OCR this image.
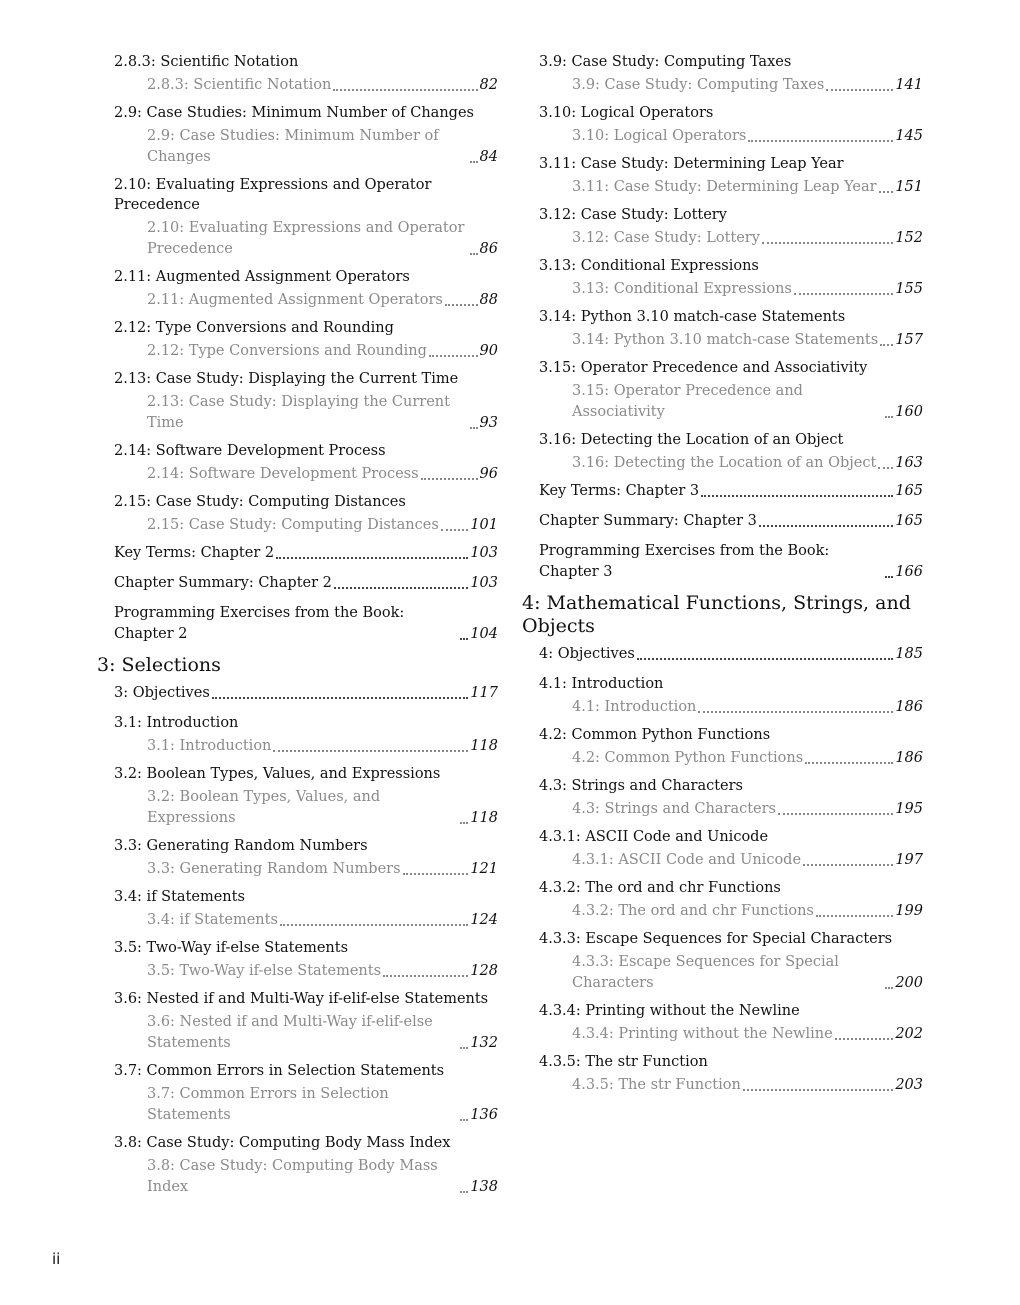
2.8.3: Scientific Notation
2.8.3: Scientific Notation	82
2.9: Case Studies: Minimum Number of Changes
2.9: Case Studies: Minimum Number of Changes	84
2.10: Evaluating Expressions and Operator Precedence
2.10: Evaluating Expressions and Operator Precedence	86
2.11: Augmented Assignment Operators
2.11: Augmented Assignment Operators	88
2.12: Type Conversions and Rounding
2.12: Type Conversions and Rounding	90
2.13: Case Study: Displaying the Current Time
2.13: Case Study: Displaying the Current Time	93
2.14: Software Development Process
2.14: Software Development Process	96
2.15: Case Study: Computing Distances
2.15: Case Study: Computing Distances 101
Key Terms: Chapter 2	103
Chapter Summary: Chapter 2	103
Programming Exercises from the Book: Chapter 2	104
3: Selections
3: Objectives	117
3.1: Introduction
3.1: Introduction	118
3.2: Boolean Types, Values, and Expressions
3.2: Boolean Types, Values, and Expressions	118
3.3: Generating Random Numbers
3.3: Generating Random Numbers	121
3.4: if Statements
3.4: if Statements	124
3.5: Two-Way if-else Statements
3.5: Two-Way if-else Statements	128
3.6: Nested if and Multi-Way if-elif-else Statements
3.6: Nested if and Multi-Way if-elif-else Statements	132
3.7: Common Errors in Selection Statements
3.7: Common Errors in Selection Statements	136
3.8: Case Study: Computing Body Mass Index
3.8: Case Study: Computing Body Mass Index	138
3.9: Case Study: Computing Taxes
3.9: Case Study: Computing Taxes	141
3.10: Logical Operators
3.10: Logical Operators	145
3.11: Case Study: Determining Leap Year
3.11: Case Study: Determining Leap Year 151
3.12: Case Study: Lottery
3.12: Case Study: Lottery	152
3.13: Conditional Expressions
3.13: Conditional Expressions	155
3.14: Python 3.10 match-case Statements
3.14: Python 3.10 match-case Statements 157
3.15: Operator Precedence and Associativity
3.15: Operator Precedence and Associativity	160
3.16: Detecting the Location of an Object
3.16: Detecting the Location of an Object 163
Key Terms: Chapter 3	165
Chapter Summary: Chapter 3	165
Programming Exercises from the Book: Chapter 3	166
4: Mathematical Functions, Strings, and Objects
4: Objectives	185
4.1: Introduction
4.1: Introduction	186
4.2: Common Python Functions
4.2: Common Python Functions	186
4.3: Strings and Characters
4.3: Strings and Characters	195
4.3.1: ASCII Code and Unicode
4.3.1: ASCII Code and Unicode	197
4.3.2: The ord and chr Functions
4.3.2: The ord and chr Functions	199
4.3.3: Escape Sequences for Special Characters
4.3.3: Escape Sequences for Special Characters	200
4.3.4: Printing without the Newline
4.3.4: Printing without the Newline	202
4.3.5: The str Function
4.3.5: The str Function	203
ii
